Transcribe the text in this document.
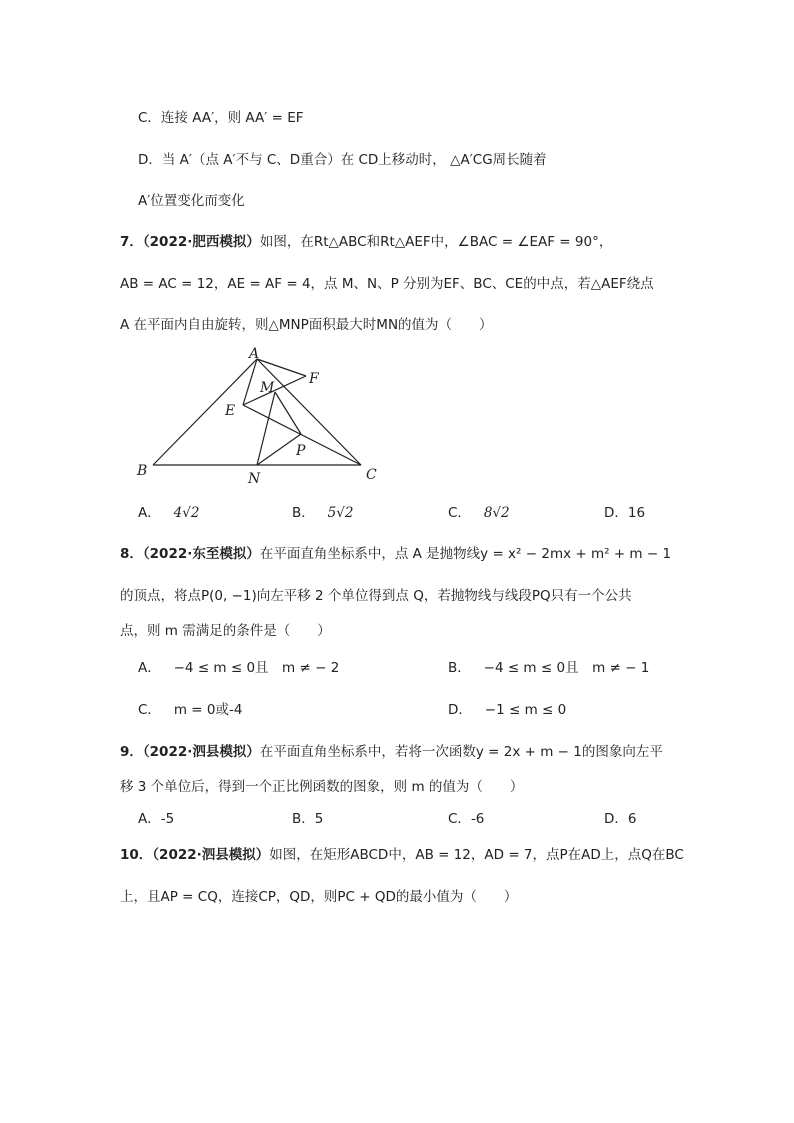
C．连接 AA′，则 AA′ = EF
D．当 A′（点 A′不与 C、D重合）在 CD上移动时， △A′CG周长随着
A′位置变化而变化
7．（2022·肥西模拟）如图，在Rt△ABC和Rt△AEF中，∠BAC = ∠EAF = 90°，
AB = AC = 12，AE = AF = 4，点 M、N、P 分别为EF、BC、CE的中点，若△AEF绕点
A 在平面内自由旋转，则△MNP面积最大时MN的值为（　　）
A
B	C
E
F
M
N
P
A． 4√2	B． 5√2	C． 8√2	D．16
8．（2022·东至模拟）在平面直角坐标系中，点 A 是抛物线y = x² − 2mx + m² + m − 1
的顶点，将点P(0, −1)向左平移 2 个单位得到点 Q，若抛物线与线段PQ只有一个公共
点，则 m 需满足的条件是（　　）
A． −4 ≤ m ≤ 0且　m ≠ − 2	B． −4 ≤ m ≤ 0且　m ≠ − 1
C． m = 0或-4	D． −1 ≤ m ≤ 0
9．（2022·泗县模拟）在平面直角坐标系中，若将一次函数y = 2x + m − 1的图象向左平
移 3 个单位后，得到一个正比例函数的图象，则 m 的值为（　　）
A．-5	B．5	C．-6	D．6
10．（2022·泗县模拟）如图，在矩形ABCD中，AB = 12，AD = 7，点P在AD上，点Q在BC
上，且AP = CQ，连接CP，QD，则PC + QD的最小值为（　　）
